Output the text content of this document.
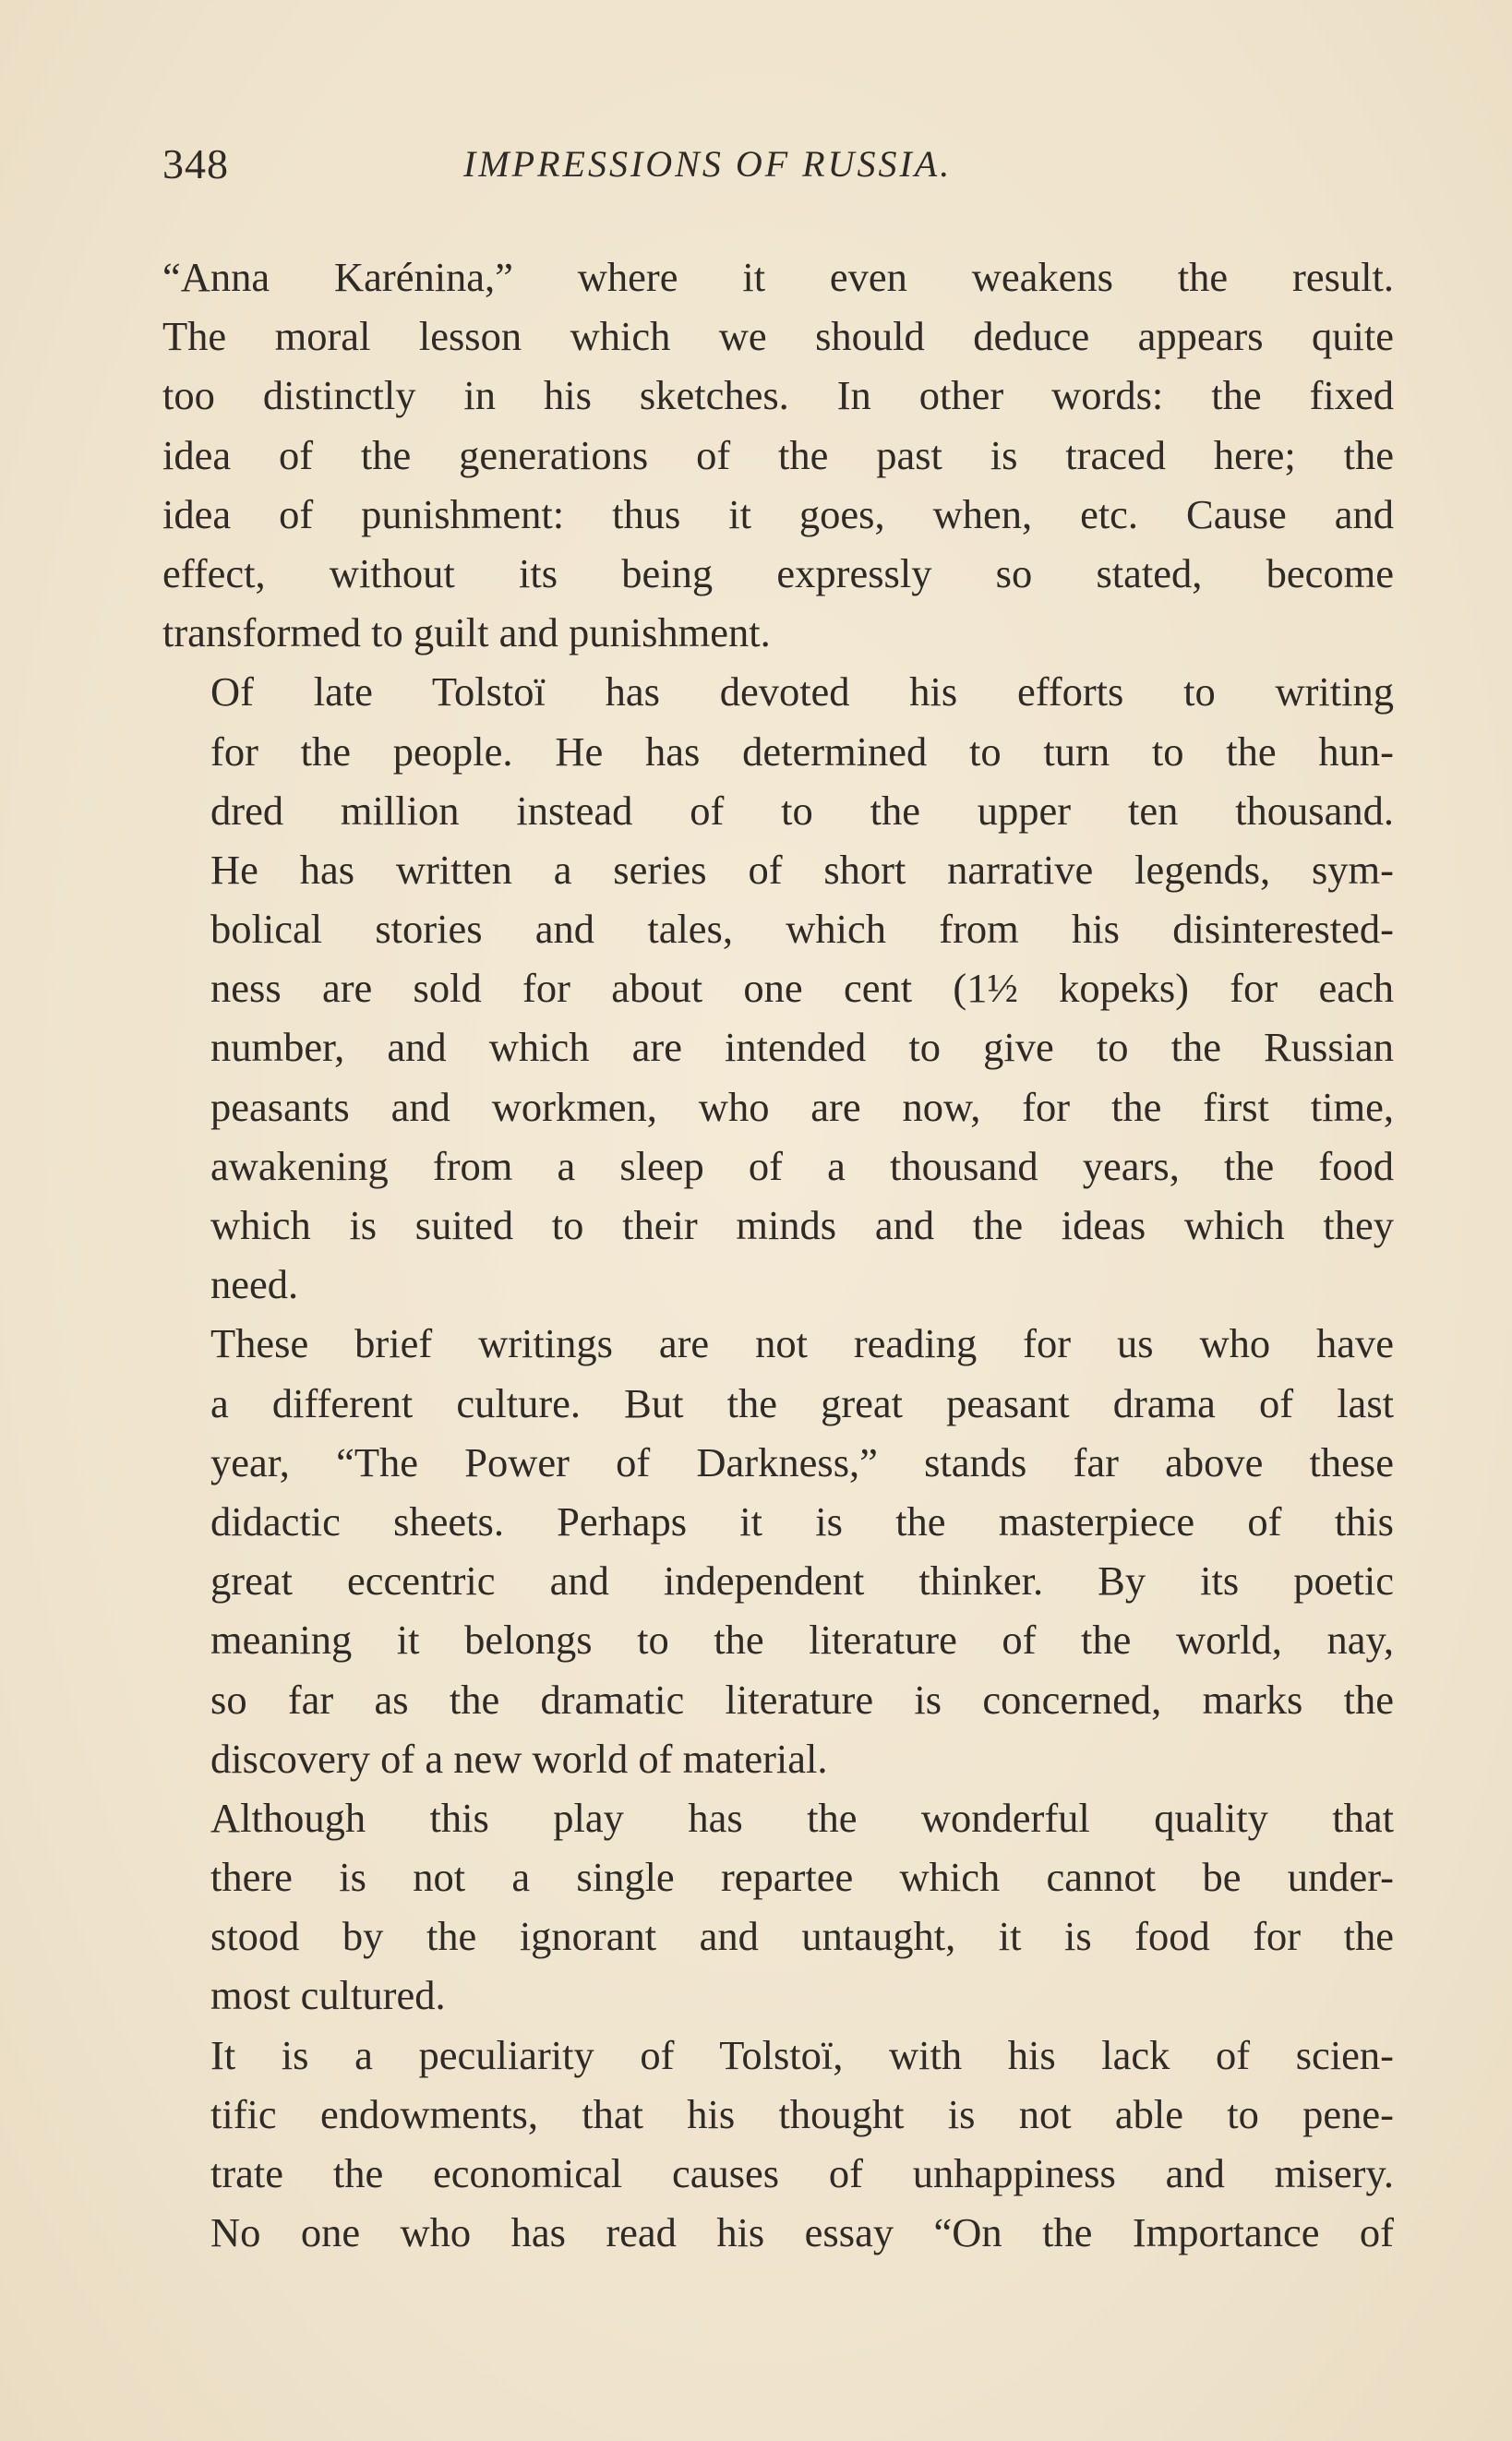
348	IMPRESSIONS OF RUSSIA.
“Anna Karénina,” where it even weakens the result.
The moral lesson which we should deduce appears quite
too distinctly in his sketches. In other words: the fixed
idea of the generations of the past is traced here; the
idea of punishment: thus it goes, when, etc. Cause and
effect, without its being expressly so stated, become
transformed to guilt and punishment.
Of late Tolstoï has devoted his efforts to writing
for the people. He has determined to turn to the hun-
dred million instead of to the upper ten thousand.
He has written a series of short narrative legends, sym-
bolical stories and tales, which from his disinterested-
ness are sold for about one cent (1½ kopeks) for each
number, and which are intended to give to the Russian
peasants and workmen, who are now, for the first time,
awakening from a sleep of a thousand years, the food
which is suited to their minds and the ideas which they
need.
These brief writings are not reading for us who have
a different culture. But the great peasant drama of last
year, “The Power of Darkness,” stands far above these
didactic sheets. Perhaps it is the masterpiece of this
great eccentric and independent thinker. By its poetic
meaning it belongs to the literature of the world, nay,
so far as the dramatic literature is concerned, marks the
discovery of a new world of material.
Although this play has the wonderful quality that
there is not a single repartee which cannot be under-
stood by the ignorant and untaught, it is food for the
most cultured.
It is a peculiarity of Tolstoï, with his lack of scien-
tific endowments, that his thought is not able to pene-
trate the economical causes of unhappiness and misery.
No one who has read his essay “On the Importance of
